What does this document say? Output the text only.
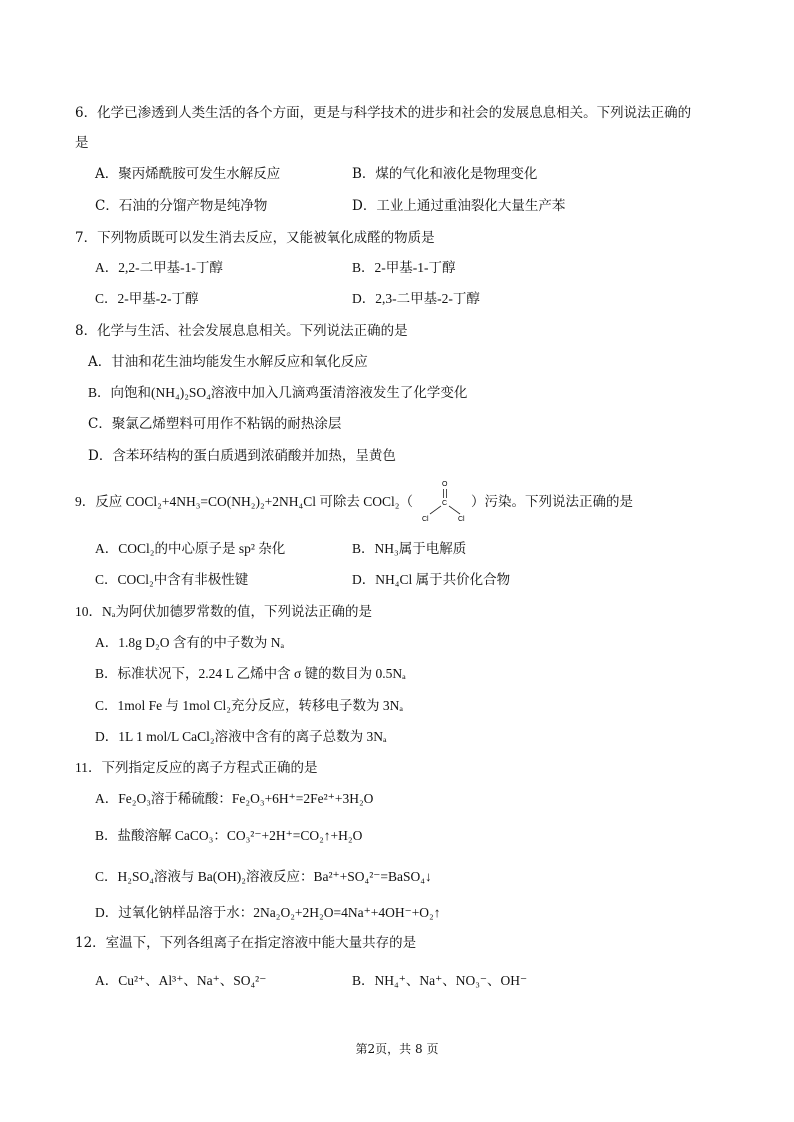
6．化学已渗透到人类生活的各个方面，更是与科学技术的进步和社会的发展息息相关。下列说法正确的
是
A．聚丙烯酰胺可发生水解反应	B．煤的气化和液化是物理变化
C．石油的分馏产物是纯净物	D．工业上通过重油裂化大量生产苯
7．下列物质既可以发生消去反应，又能被氧化成醛的物质是
A．2,2-二甲基-1-丁醇	B．2-甲基-1-丁醇
C．2-甲基-2-丁醇	D．2,3-二甲基-2-丁醇
8．化学与生活、社会发展息息相关。下列说法正确的是
A．甘油和花生油均能发生水解反应和氧化反应
B．向饱和(NH₄)₂SO₄溶液中加入几滴鸡蛋清溶液发生了化学变化
C．聚氯乙烯塑料可用作不粘锅的耐热涂层
D．含苯环结构的蛋白质遇到浓硝酸并加热，呈黄色
9．反应 COCl₂+4NH₃=CO(NH₂)₂+2NH₄Cl 可除去 COCl₂（	）污染。下列说法正确的是
O
C
Cl	Cl
A．COCl₂的中心原子是 sp² 杂化	B．NH₃属于电解质
C．COCl₂中含有非极性键	D．NH₄Cl 属于共价化合物
10．Nₐ为阿伏加德罗常数的值，下列说法正确的是
A．1.8g D₂O 含有的中子数为 Nₐ
B．标准状况下，2.24 L 乙烯中含 σ 键的数目为 0.5Nₐ
C．1mol Fe 与 1mol Cl₂充分反应，转移电子数为 3Nₐ
D．1L 1 mol/L CaCl₂溶液中含有的离子总数为 3Nₐ
11．下列指定反应的离子方程式正确的是
A．Fe₂O₃溶于稀硫酸：Fe₂O₃+6H⁺=2Fe²⁺+3H₂O
B．盐酸溶解 CaCO₃：CO₃²⁻+2H⁺=CO₂↑+H₂O
C．H₂SO₄溶液与 Ba(OH)₂溶液反应：Ba²⁺+SO₄²⁻=BaSO₄↓
D．过氧化钠样品溶于水：2Na₂O₂+2H₂O=4Na⁺+4OH⁻+O₂↑
12．室温下，下列各组离子在指定溶液中能大量共存的是
A．Cu²⁺、Al³⁺、Na⁺、SO₄²⁻	B．NH₄⁺、Na⁺、NO₃⁻、OH⁻
第2页，共 8 页
